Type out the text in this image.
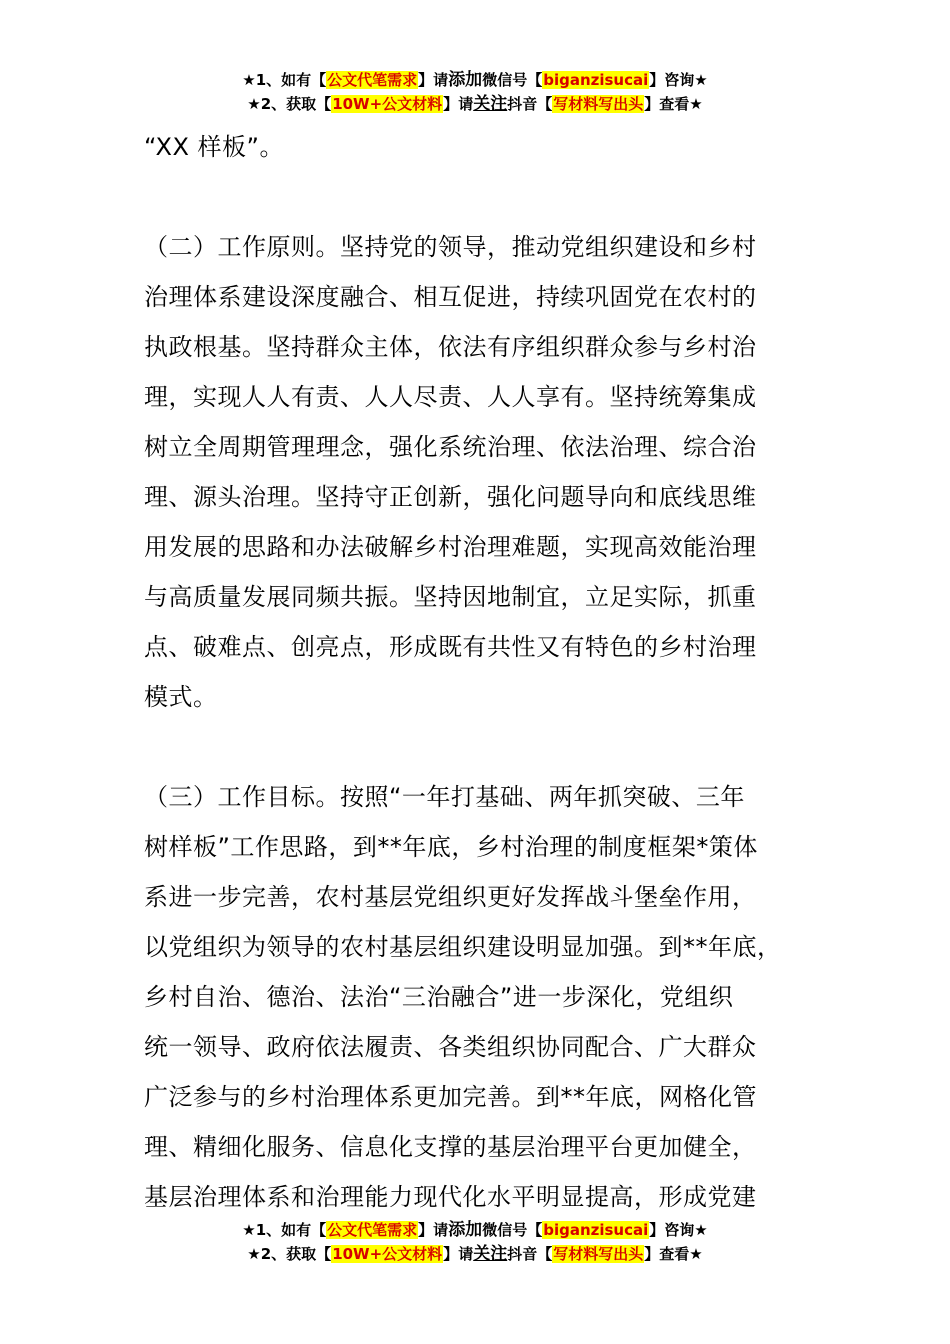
★1、如有【公文代笔需求】请添加微信号【biganzisucai】咨询★
★2、获取【10W+公文材料】请关注抖音【写材料写出头】查看★
“XX 样板”。
（二）工作原则。坚持党的领导，推动党组织建设和乡村
治理体系建设深度融合、相互促进，持续巩固党在农村的
执政根基。坚持群众主体，依法有序组织群众参与乡村治
理，实现人人有责、人人尽责、人人享有。坚持统筹集成
树立全周期管理理念，强化系统治理、依法治理、综合治
理、源头治理。坚持守正创新，强化问题导向和底线思维
用发展的思路和办法破解乡村治理难题，实现高效能治理
与高质量发展同频共振。坚持因地制宜，立足实际，抓重
点、破难点、创亮点，形成既有共性又有特色的乡村治理
模式。
（三）工作目标。按照“一年打基础、两年抓突破、三年
树样板”工作思路，到**年底，乡村治理的制度框架*策体
系进一步完善，农村基层党组织更好发挥战斗堡垒作用，
以党组织为领导的农村基层组织建设明显加强。到**年底，
乡村自治、德治、法治“三治融合”进一步深化，党组织
统一领导、政府依法履责、各类组织协同配合、广大群众
广泛参与的乡村治理体系更加完善。到**年底，网格化管
理、精细化服务、信息化支撑的基层治理平台更加健全，
基层治理体系和治理能力现代化水平明显提高，形成党建
★1、如有【公文代笔需求】请添加微信号【biganzisucai】咨询★
★2、获取【10W+公文材料】请关注抖音【写材料写出头】查看★
